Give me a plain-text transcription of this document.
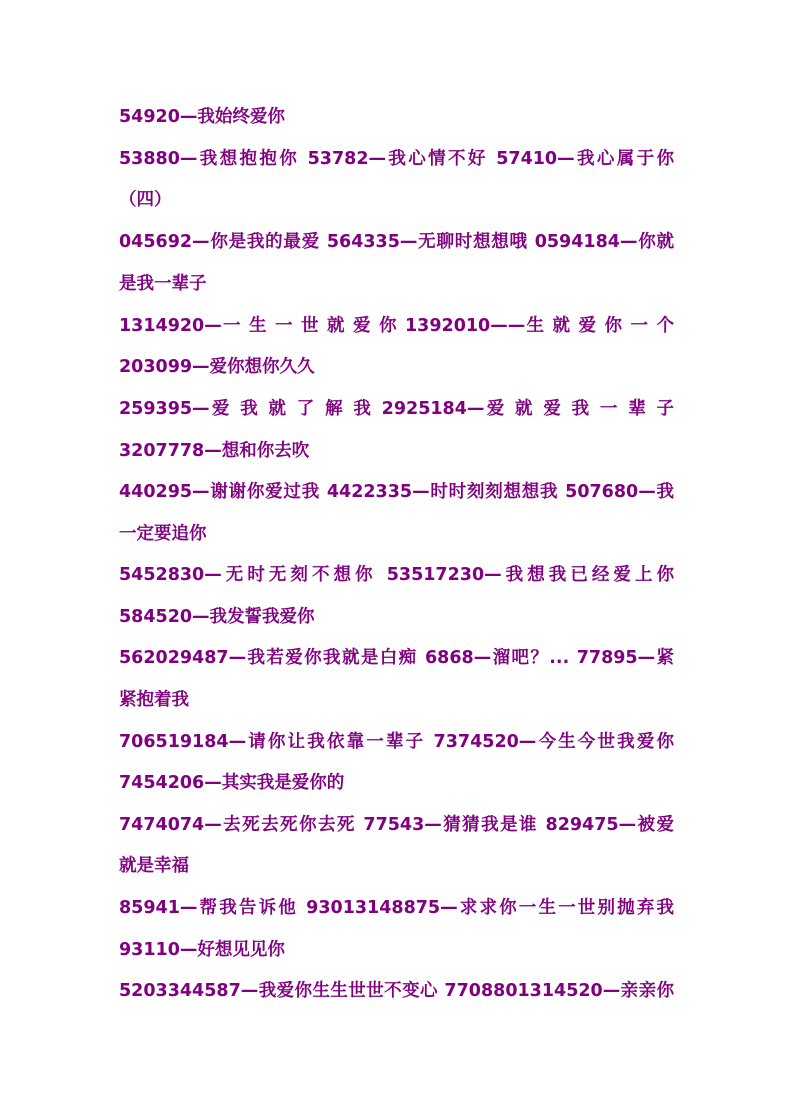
54920—我始终爱你
53880—我想抱抱你 53782—我心情不好 57410—我心属于你
（四）
045692—你是我的最爱 564335—无聊时想想哦 0594184—你就
是我一辈子
1314920—一 生 一 世 就 爱 你 1392010——生 就 爱 你 一 个
203099—爱你想你久久
259395—爱 我 就 了 解 我 2925184—爱 就 爱 我 一 辈 子
3207778—想和你去吹
440295—谢谢你爱过我 4422335—时时刻刻想想我 507680—我
一定要追你
5452830—无时无刻不想你 53517230—我想我已经爱上你
584520—我发誓我爱你
562029487—我若爱你我就是白痴 6868—溜吧？... 77895—紧
紧抱着我
706519184—请你让我依靠一辈子 7374520—今生今世我爱你
7454206—其实我是爱你的
7474074—去死去死你去死 77543—猜猜我是谁 829475—被爱
就是幸福
85941—帮我告诉他 93013148875—求求你一生一世别抛弃我
93110—好想见见你
5203344587—我爱你生生世世不变心 7708801314520—亲亲你
